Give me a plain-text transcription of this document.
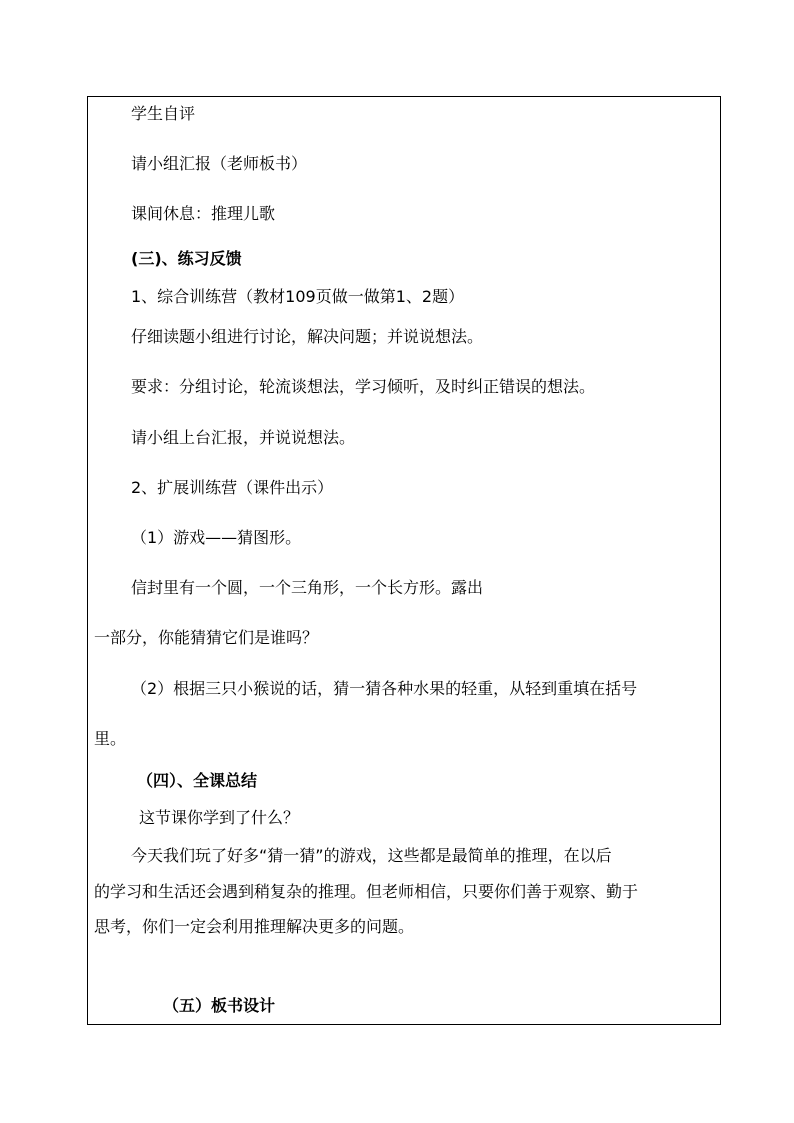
学生自评
请小组汇报（老师板书）
课间休息：推理儿歌
(三)、练习反馈
1、综合训练营（教材109页做一做第1、2题）
仔细读题小组进行讨论，解决问题；并说说想法。
要求：分组讨论，轮流谈想法，学习倾听，及时纠正错误的想法。
请小组上台汇报，并说说想法。
2、扩展训练营（课件出示）
（1）游戏——猜图形。
信封里有一个圆，一个三角形，一个长方形。露出
一部分，你能猜猜它们是谁吗？
（2）根据三只小猴说的话，猜一猜各种水果的轻重，从轻到重填在括号
里。
（四）、全课总结
这节课你学到了什么？
今天我们玩了好多“猜一猜”的游戏，这些都是最简单的推理，在以后
的学习和生活还会遇到稍复杂的推理。但老师相信，只要你们善于观察、勤于
思考，你们一定会利用推理解决更多的问题。
（五）板书设计
